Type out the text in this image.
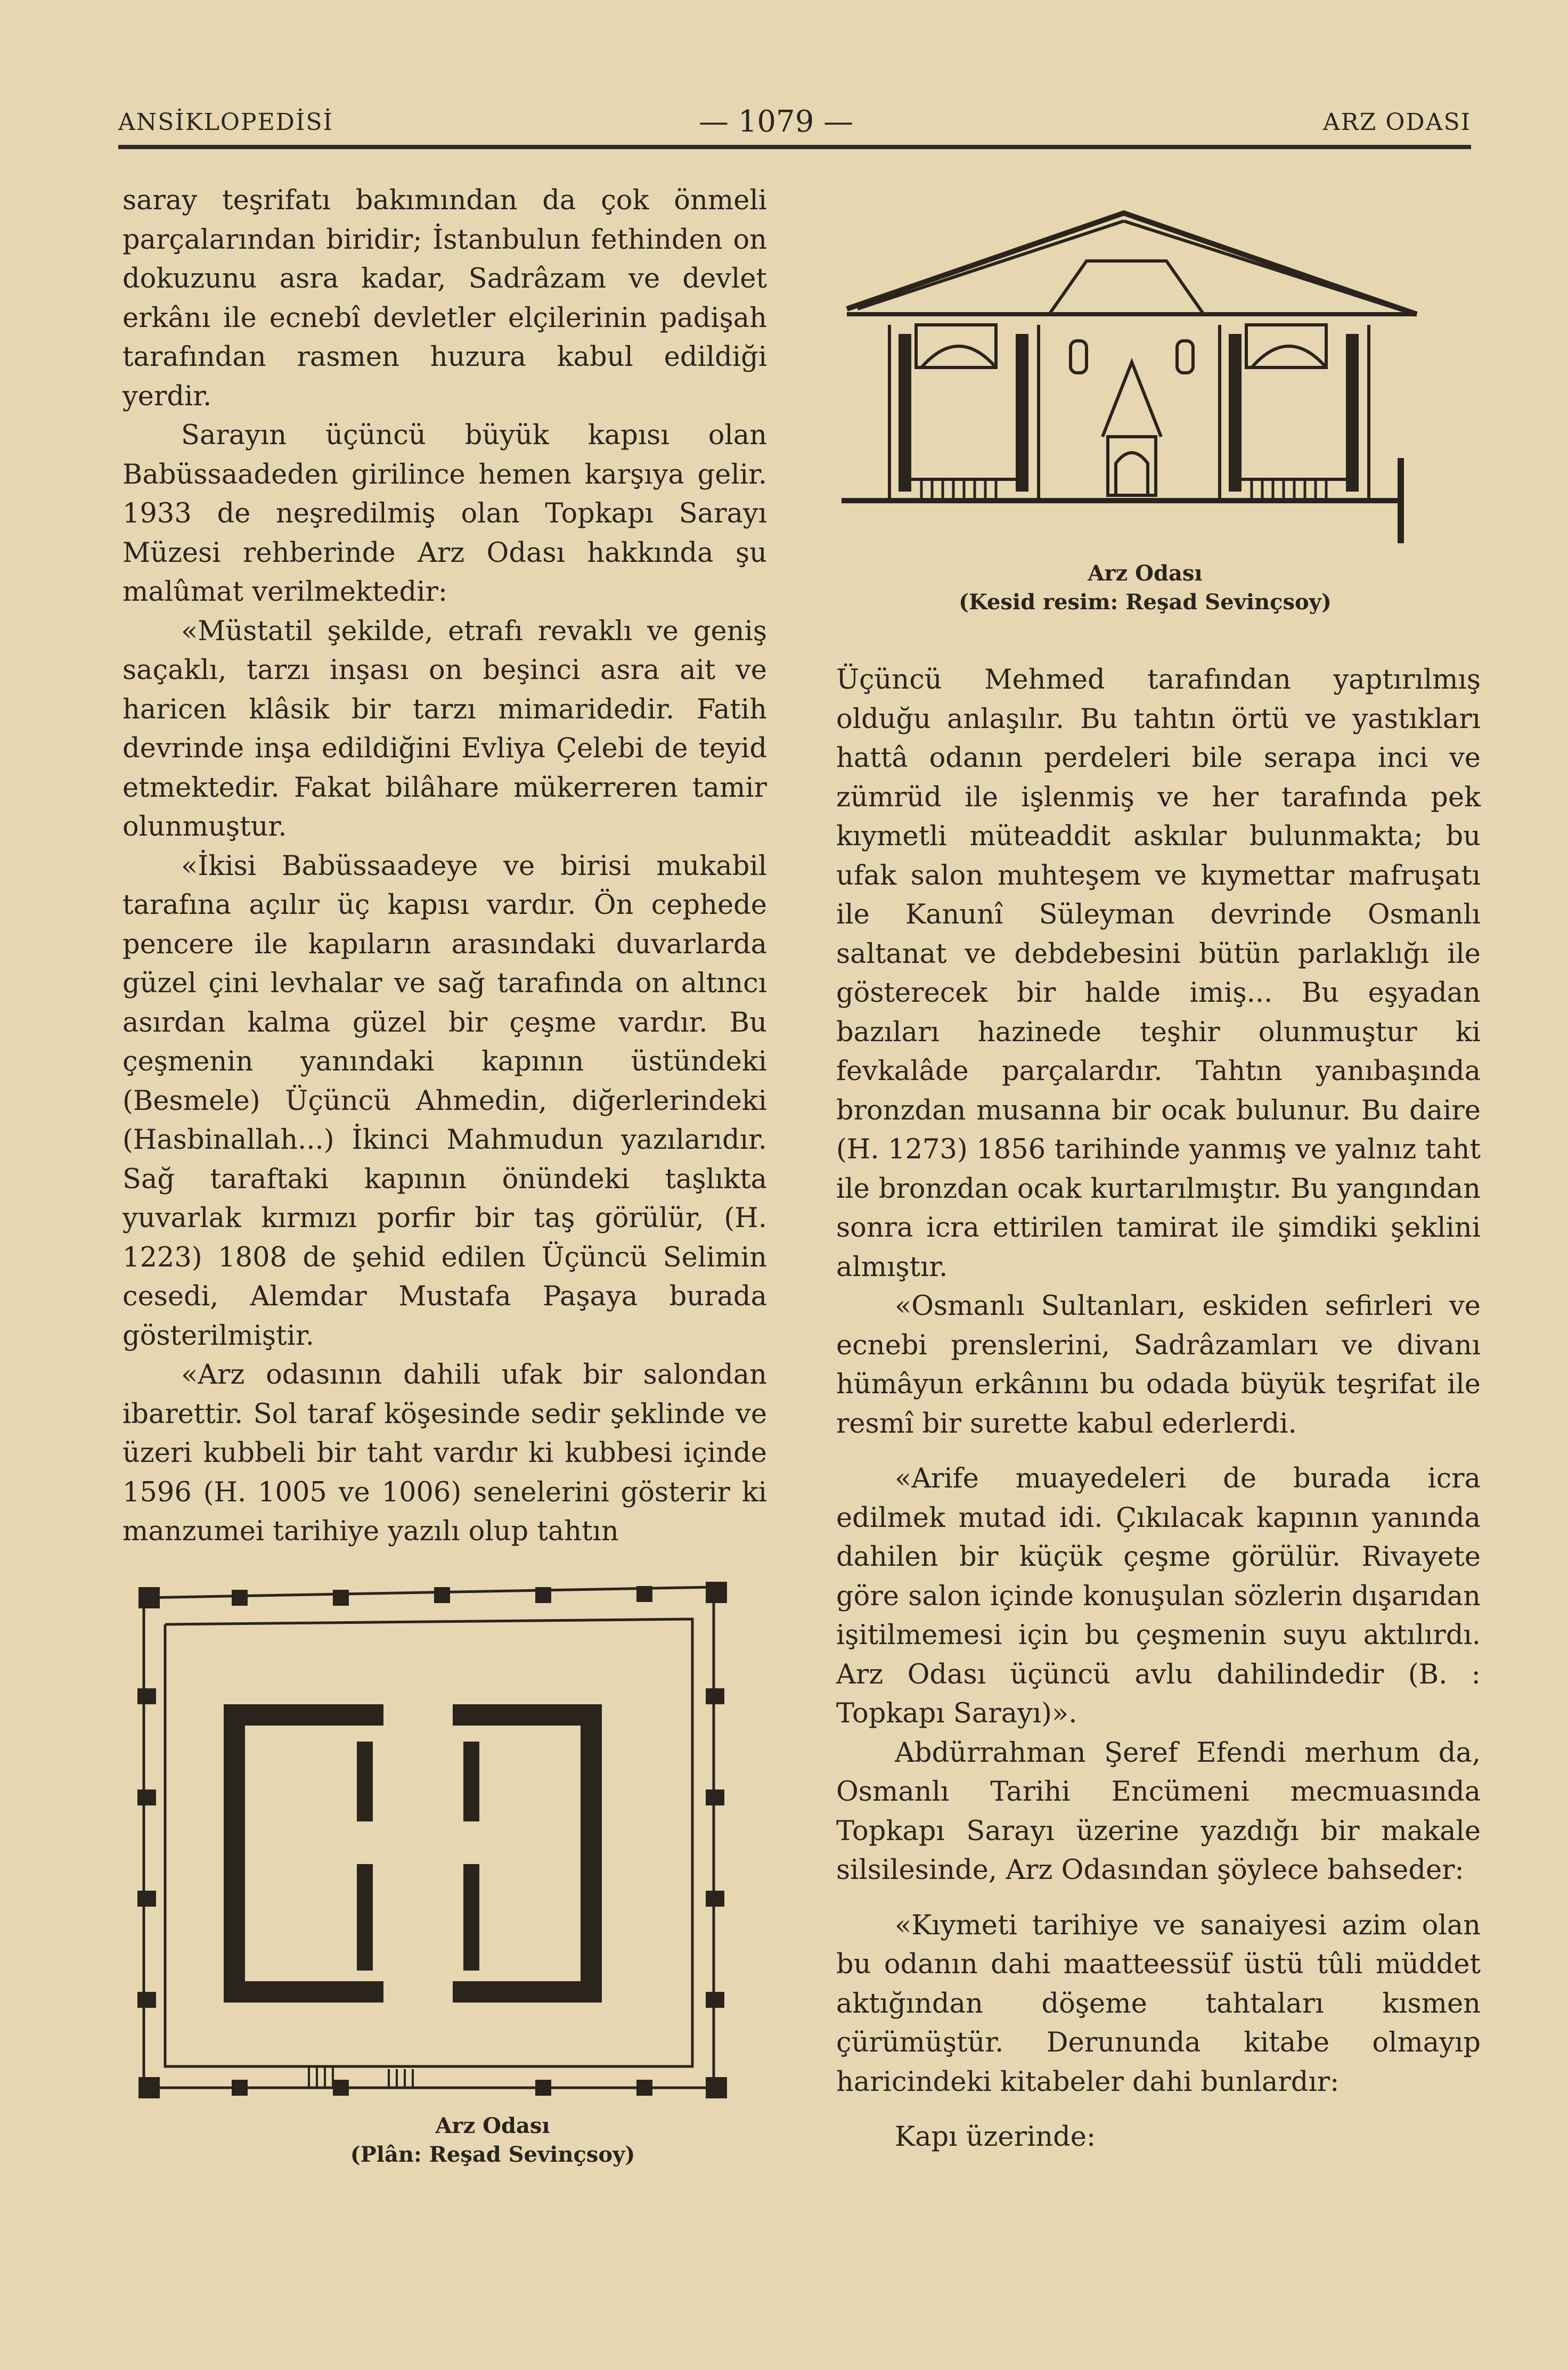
ANSİKLOPEDİSİ	— 1079 —	ARZ ODASI

saray teşrifatı bakımından da çok önmeli parçalarından biridir; İstanbulun fethinden on dokuzunu asra kadar, Sadrâzam ve devlet erkânı ile ecnebî devletler elçilerinin padişah tarafından rasmen huzura kabul edildiği yerdir.

Sarayın üçüncü büyük kapısı olan Babüssaadeden girilince hemen karşıya gelir. 1933 de neşredilmiş olan Topkapı Sarayı Müzesi rehberinde Arz Odası hakkında şu malûmat verilmektedir:

«Müstatil şekilde, etrafı revaklı ve geniş saçaklı, tarzı inşası on beşinci asra ait ve haricen klâsik bir tarzı mimaridedir. Fatih devrinde inşa edildiğini Evliya Çelebi de teyid etmektedir. Fakat bilâhare mükerreren tamir olunmuştur.

«İkisi Babüssaadeye ve birisi mukabil tarafına açılır üç kapısı vardır. Ön cephede pencere ile kapıların arasındaki duvarlarda güzel çini levhalar ve sağ tarafında on altıncı asırdan kalma güzel bir çeşme vardır. Bu çeşmenin yanındaki kapının üstündeki (Besmele) Üçüncü Ahmedin, diğerlerindeki (Hasbinallah...) İkinci Mahmudun yazılarıdır. Sağ taraftaki kapının önündeki taşlıkta yuvarlak kırmızı porfir bir taş görülür, (H. 1223) 1808 de şehid edilen Üçüncü Selimin cesedi, Alemdar Mustafa Paşaya burada gösterilmiştir.

«Arz odasının dahili ufak bir salondan ibarettir. Sol taraf köşesinde sedir şeklinde ve üzeri kubbeli bir taht vardır ki kubbesi içinde 1596 (H. 1005 ve 1006) senelerini gösterir ki manzumei tarihiye yazılı olup tahtın

Arz Odası
(Kesid resim: Reşad Sevinçsoy)

Üçüncü Mehmed tarafından yaptırılmış olduğu anlaşılır. Bu tahtın örtü ve yastıkları hattâ odanın perdeleri bile serapa inci ve zümrüd ile işlenmiş ve her tarafında pek kıymetli müteaddit askılar bulunmakta; bu ufak salon muhteşem ve kıymettar mafruşatı ile Kanunî Süleyman devrinde Osmanlı saltanat ve debdebesini bütün parlaklığı ile gösterecek bir halde imiş... Bu eşyadan bazıları hazinede teşhir olunmuştur ki fevkalâde parçalardır. Tahtın yanıbaşında bronzdan musanna bir ocak bulunur. Bu daire (H. 1273) 1856 tarihinde yanmış ve yalnız taht ile bronzdan ocak kurtarılmıştır. Bu yangından sonra icra ettirilen tamirat ile şimdiki şeklini almıştır.

«Osmanlı Sultanları, eskiden sefirleri ve ecnebi prenslerini, Sadrâzamları ve divanı hümâyun erkânını bu odada büyük teşrifat ile resmî bir surette kabul ederlerdi.

«Arife muayedeleri de burada icra edilmek mutad idi. Çıkılacak kapının yanında dahilen bir küçük çeşme görülür. Rivayete göre salon içinde konuşulan sözlerin dışarıdan işitilmemesi için bu çeşmenin suyu aktılırdı. Arz Odası üçüncü avlu dahilindedir (B. : Topkapı Sarayı)».

Abdürrahman Şeref Efendi merhum da, Osmanlı Tarihi Encümeni mecmuasında Topkapı Sarayı üzerine yazdığı bir makale silsilesinde, Arz Odasından şöylece bahseder:

«Kıymeti tarihiye ve sanaiyesi azim olan bu odanın dahi maatteessüf üstü tûli müddet aktığından döşeme tahtaları kısmen çürümüştür. Derununda kitabe olmayıp haricindeki kitabeler dahi bunlardır:

Kapı üzerinde:

Arz Odası
(Plân: Reşad Sevinçsoy)
